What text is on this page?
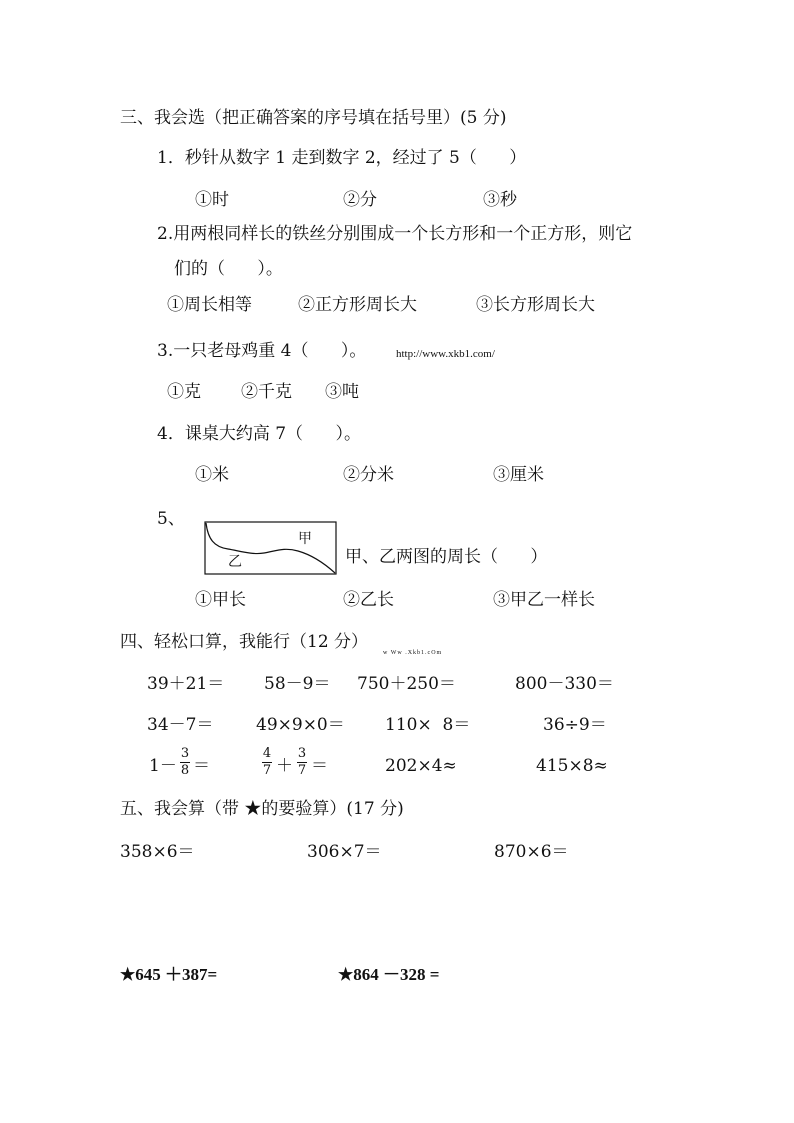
三、我会选（把正确答案的序号填在括号里）(5 分)
1．秒针从数字 1 走到数字 2，经过了 5（      ）
①时	②分	③秒
2.用两根同样长的铁丝分别围成一个长方形和一个正方形，则它
们的（      ）。
①周长相等	②正方形周长大	③长方形周长大
3.一只老母鸡重 4（      ）。	http://www.xkb1.com/
①克 ②千克 ③吨
4．课桌大约高 7（      ）。
①米	②分米	③厘米
5、
甲
乙	甲、乙两图的周长（      ）
①甲长	②乙长	③甲乙一样长
四、轻松口算，我能行（12 分）
w Ww .Xkb1.cOm
39＋21＝ 58－9＝ 750＋250＝	800－330＝
34－7＝	49×9×0＝ 110×  8＝	36÷9＝
1－
3
8 ＝
4
7 ＋
3
7 ＝	202×4≈	415×8≈
五、我会算（带 ★的要验算）(17 分)
358×6＝	306×7＝	870×6＝
★645 ＋387=	★864 －328 =
